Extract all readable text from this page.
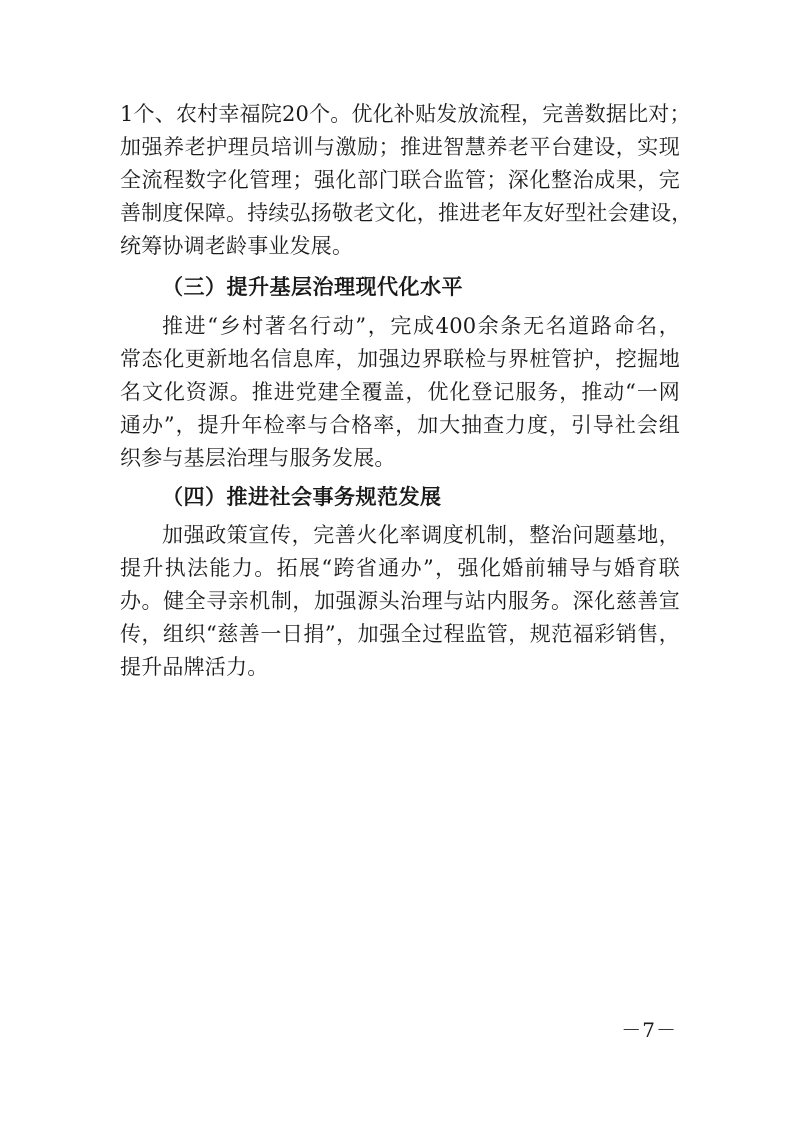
1个、农村幸福院20个。优化补贴发放流程，完善数据比对；
加强养老护理员培训与激励；推进智慧养老平台建设，实现
全流程数字化管理；强化部门联合监管；深化整治成果，完
善制度保障。持续弘扬敬老文化，推进老年友好型社会建设，
统筹协调老龄事业发展。
（三）提升基层治理现代化水平
推进“乡村著名行动”，完成400余条无名道路命名，
常态化更新地名信息库，加强边界联检与界桩管护，挖掘地
名文化资源。推进党建全覆盖，优化登记服务，推动“一网
通办”，提升年检率与合格率，加大抽查力度，引导社会组
织参与基层治理与服务发展。
（四）推进社会事务规范发展
加强政策宣传，完善火化率调度机制，整治问题墓地，
提升执法能力。拓展“跨省通办”，强化婚前辅导与婚育联
办。健全寻亲机制，加强源头治理与站内服务。深化慈善宣
传，组织“慈善一日捐”，加强全过程监管，规范福彩销售，
提升品牌活力。
－7－
